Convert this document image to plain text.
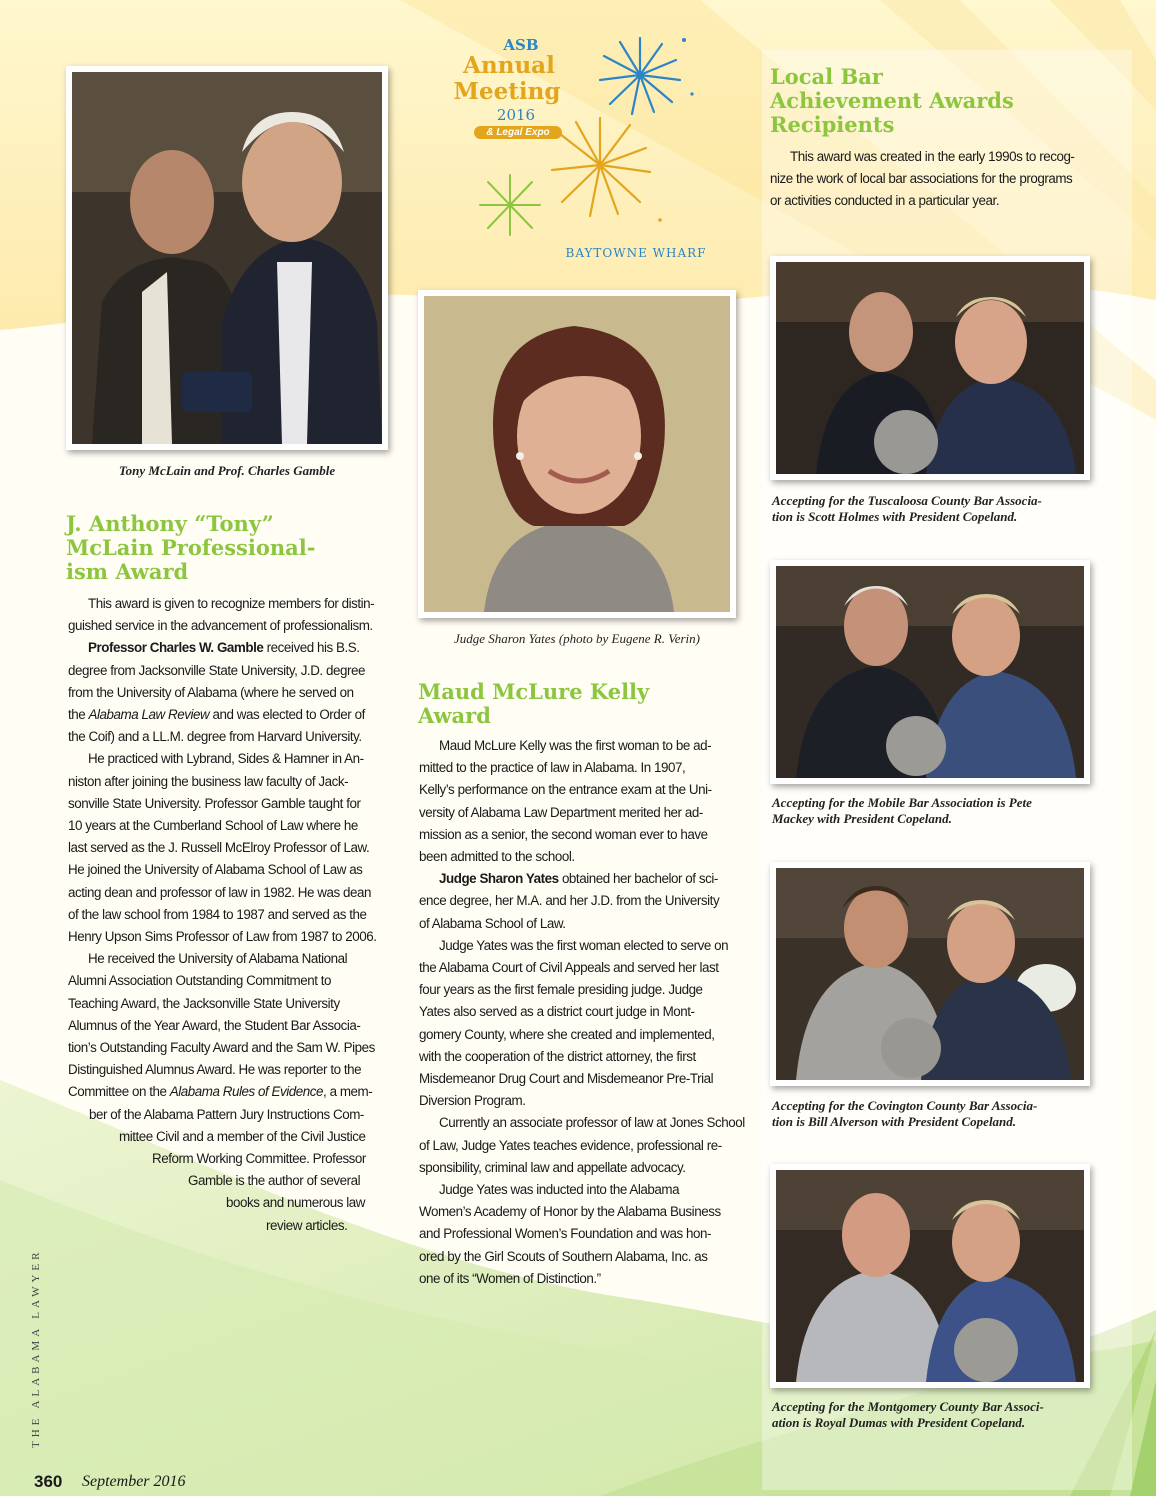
ASB
Annual
Meeting
2016
& Legal Expo
BAYTOWNE WHARF
Tony McLain and Prof. Charles Gamble
Judge Sharon Yates (photo by Eugene R. Verin)
Accepting for the Tuscaloosa County Bar Associa-
tion is Scott Holmes with President Copeland.
Accepting for the Mobile Bar Association is Pete
Mackey with President Copeland.
Accepting for the Covington County Bar Associa-
tion is Bill Alverson with President Copeland.
Accepting for the Montgomery County Bar Associ-
ation is Royal Dumas with President Copeland.
Local Bar
Achievement Awards
Recipients
This award was created in the early 1990s to recog-
nize the work of local bar associations for the programs
or activities conducted in a particular year.
J. Anthony “Tony”
McLain Professional-
ism Award
This award is given to recognize members for distin-
guished service in the advancement of professionalism.
Professor Charles W. Gamble received his B.S.
degree from Jacksonville State University, J.D. degree
from the University of Alabama (where he served on
the Alabama Law Review and was elected to Order of
the Coif) and a LL.M. degree from Harvard University.
He practiced with Lybrand, Sides & Hamner in An-
niston after joining the business law faculty of Jack-
sonville State University. Professor Gamble taught for
10 years at the Cumberland School of Law where he
last served as the J. Russell McElroy Professor of Law.
He joined the University of Alabama School of Law as
acting dean and professor of law in 1982. He was dean
of the law school from 1984 to 1987 and served as the
Henry Upson Sims Professor of Law from 1987 to 2006.
He received the University of Alabama National
Alumni Association Outstanding Commitment to
Teaching Award, the Jacksonville State University
Alumnus of the Year Award, the Student Bar Associa-
tion’s Outstanding Faculty Award and the Sam W. Pipes
Distinguished Alumnus Award. He was reporter to the
Committee on the Alabama Rules of Evidence, a mem-
ber of the Alabama Pattern Jury Instructions Com-
mittee Civil and a member of the Civil Justice
Reform Working Committee. Professor
Gamble is the author of several
books and numerous law
review articles.
Maud McLure Kelly
Award
Maud McLure Kelly was the first woman to be ad-
mitted to the practice of law in Alabama. In 1907,
Kelly’s performance on the entrance exam at the Uni-
versity of Alabama Law Department merited her ad-
mission as a senior, the second woman ever to have
been admitted to the school.
Judge Sharon Yates obtained her bachelor of sci-
ence degree, her M.A. and her J.D. from the University
of Alabama School of Law.
Judge Yates was the first woman elected to serve on
the Alabama Court of Civil Appeals and served her last
four years as the first female presiding judge. Judge
Yates also served as a district court judge in Mont-
gomery County, where she created and implemented,
with the cooperation of the district attorney, the first
Misdemeanor Drug Court and Misdemeanor Pre-Trial
Diversion Program.
Currently an associate professor of law at Jones School
of Law, Judge Yates teaches evidence, professional re-
sponsibility, criminal law and appellate advocacy.
Judge Yates was inducted into the Alabama
Women’s Academy of Honor by the Alabama Business
and Professional Women’s Foundation and was hon-
ored by the Girl Scouts of Southern Alabama, Inc. as
one of its “Women of Distinction.”
THE ALABAMA LAWYER
360 September 2016
